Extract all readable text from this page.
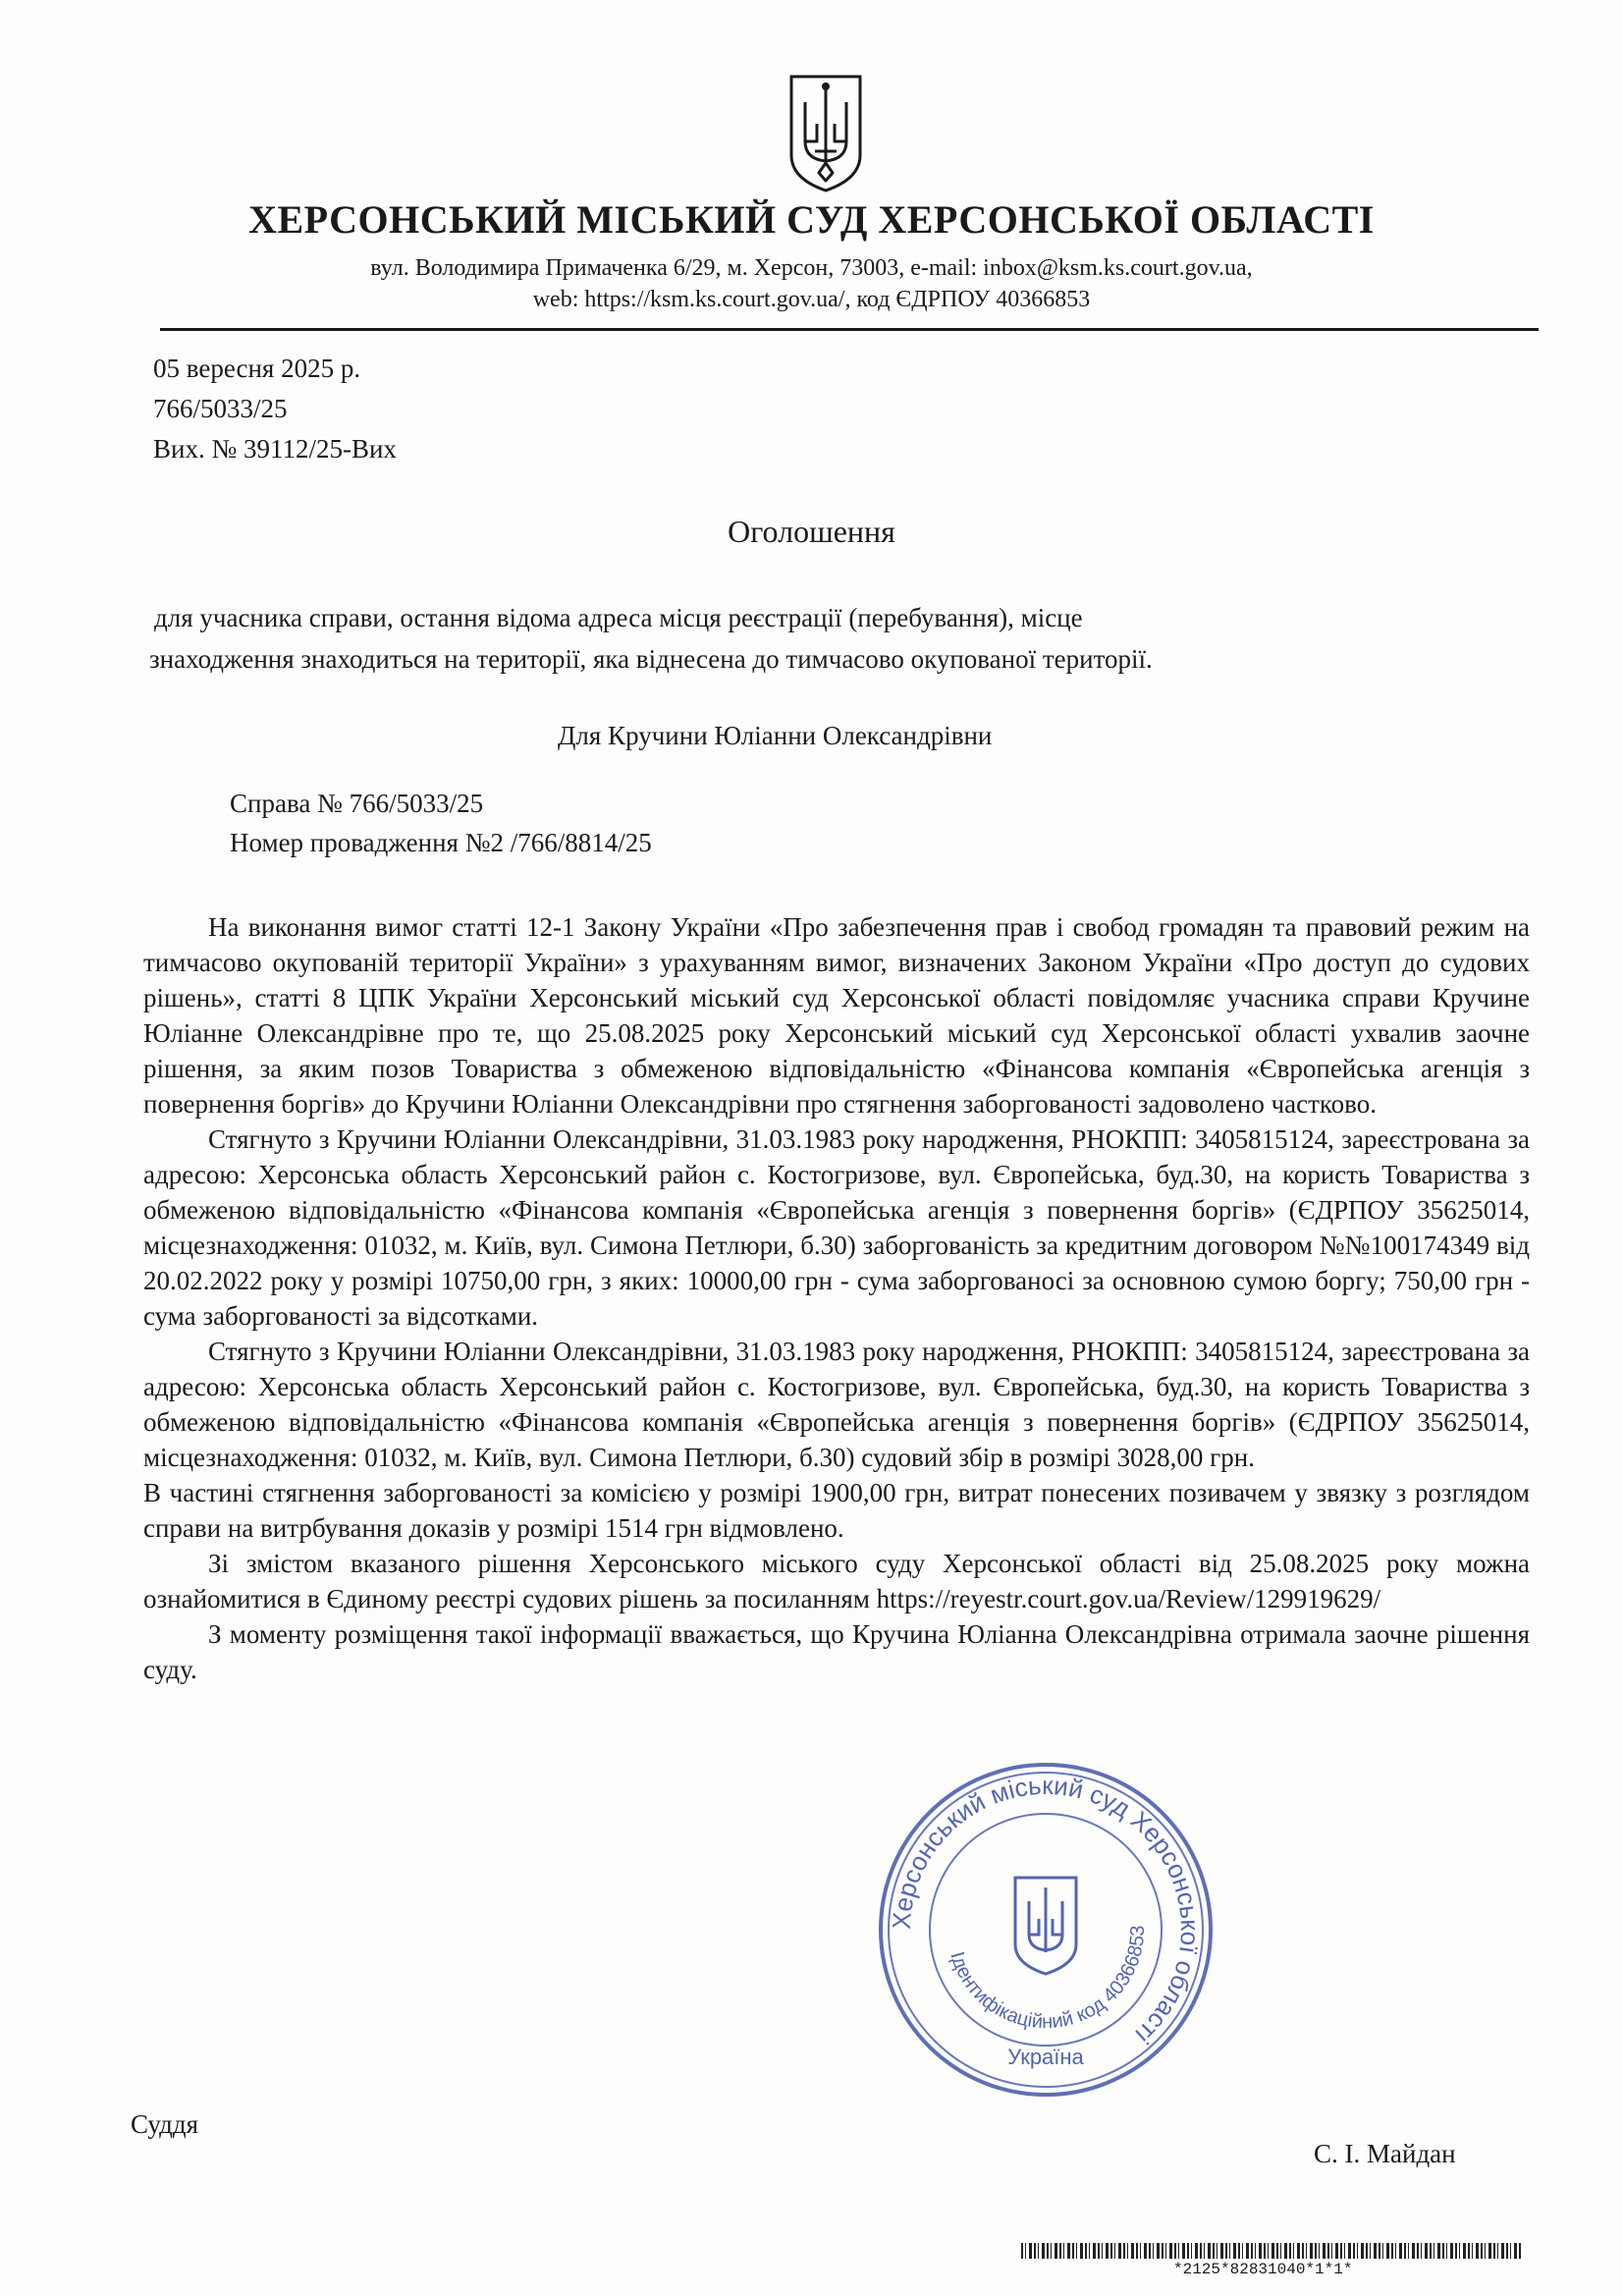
ХЕРСОНСЬКИЙ МІСЬКИЙ СУД ХЕРСОНСЬКОЇ ОБЛАСТІ
вул. Володимира Примаченка 6/29, м. Херсон, 73003, e-mail: inbox@ksm.ks.court.gov.ua,
web: https://ksm.ks.court.gov.ua/, код ЄДРПОУ 40366853
05 вересня 2025 р.
766/5033/25
Вих. № 39112/25-Вих
Оголошення
для учасника справи, остання відома адреса місця реєстрації (перебування), місце
знаходження знаходиться на території, яка віднесена до тимчасово окупованої території.
Для Кручини Юліанни Олександрівни
Справа № 766/5033/25
Номер провадження №2 /766/8814/25

На виконання вимог статті 12-1 Закону України «Про забезпечення прав і свобод громадян та правовий режим на тимчасово окупованій території України» з урахуванням вимог, визначених Законом України «Про доступ до судових рішень», статті 8 ЦПК України Херсонський міський суд Херсонської області повідомляє учасника справи Кручине Юліанне Олександрівне про те, що 25.08.2025 року Херсонський міський суд Херсонської області ухвалив заочне рішення, за яким позов Товариства з обмеженою відповідальністю «Фінансова компанія «Європейська агенція з повернення боргів» до Кручини Юліанни Олександрівни про стягнення заборгованості задоволено частково.

Стягнуто з Кручини Юліанни Олександрівни, 31.03.1983 року народження, РНОКПП: 3405815124, зареєстрована за адресою: Херсонська область Херсонський район с. Костогризове, вул. Європейська, буд.30, на користь Товариства з обмеженою відповідальністю «Фінансова компанія «Європейська агенція з повернення боргів» (ЄДРПОУ 35625014, місцезнаходження: 01032, м. Київ, вул. Симона Петлюри, б.30) заборгованість за кредитним договором №№100174349 від 20.02.2022 року у розмірі 10750,00 грн, з яких: 10000,00 грн - сума заборгованосі за основною сумою боргу; 750,00 грн - сума заборгованості за відсотками.

Стягнуто з Кручини Юліанни Олександрівни, 31.03.1983 року народження, РНОКПП: 3405815124, зареєстрована за адресою: Херсонська область Херсонський район с. Костогризове, вул. Європейська, буд.30, на користь Товариства з обмеженою відповідальністю «Фінансова компанія «Європейська агенція з повернення боргів» (ЄДРПОУ 35625014, місцезнаходження: 01032, м. Київ, вул. Симона Петлюри, б.30) судовий збір в розмірі 3028,00 грн.

В частині стягнення заборгованості за комісією у розмірі 1900,00 грн, витрат понесених позивачем у звязку з розглядом справи на витрбування доказів у розмірі 1514 грн відмовлено.

Зі змістом вказаного рішення Херсонського міського суду Херсонської області від 25.08.2025 року можна ознайомитися в Єдиному реєстрі судових рішень за посиланням https://reyestr.court.gov.ua/Review/129919629/

З моменту розміщення такої інформації вважається, що Кручина Юліанна Олександрівна отримала заочне рішення суду.

Херсонський міський суд Херсонської області
Ідентифікаційний код 40366853
Україна
Суддя
С. І. Майдан
*2125*82831040*1*1*
